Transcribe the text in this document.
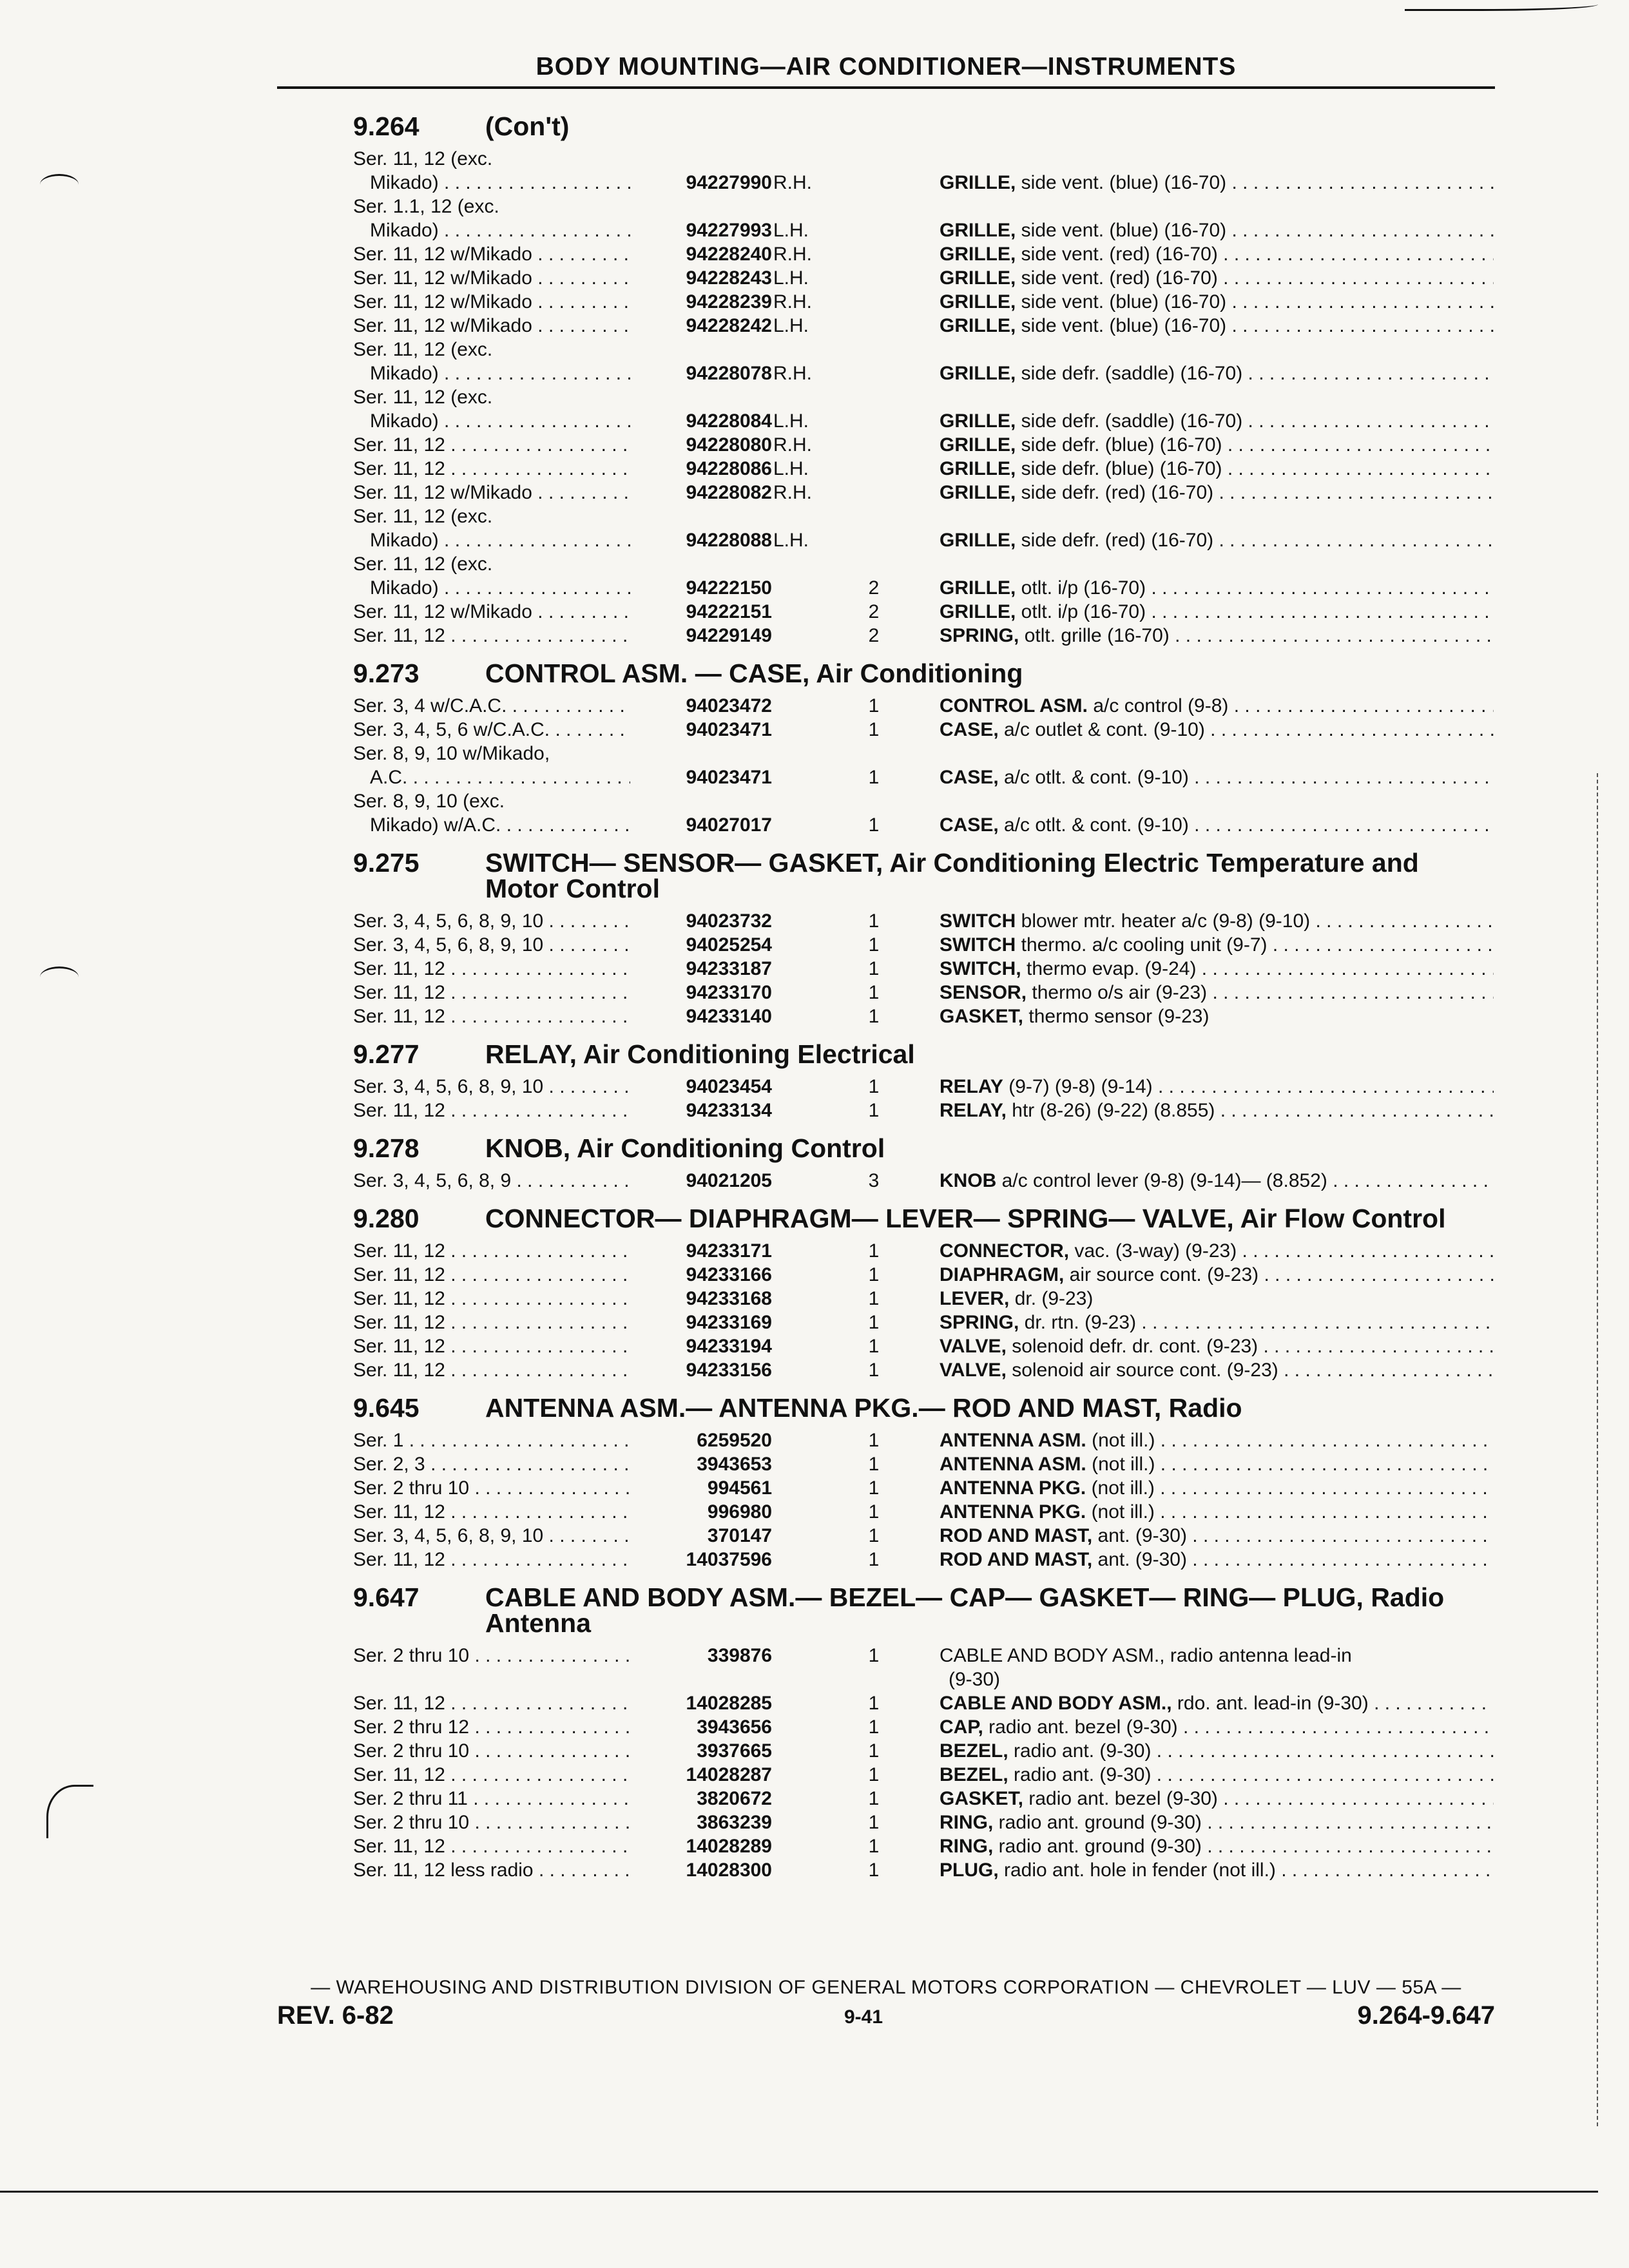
BODY MOUNTING—AIR CONDITIONER—INSTRUMENTS
9.264 (Con't)
Ser. 11, 12 (exc.
Mikado) . . .	94227990 R.H.	GRILLE, side vent. (blue) (16-70) . . .
Ser. 1.1, 12 (exc.
Mikado) . . .	94227993 L.H.	GRILLE, side vent. (blue) (16-70) . . .
Ser. 11, 12 w/Mikado . . .	94228240 R.H.	GRILLE, side vent. (red) (16-70) . . .
Ser. 11, 12 w/Mikado . . .	94228243 L.H.	GRILLE, side vent. (red) (16-70) . . .
Ser. 11, 12 w/Mikado . . .	94228239 R.H.	GRILLE, side vent. (blue) (16-70) . . .
Ser. 11, 12 w/Mikado . . .	94228242 L.H.	GRILLE, side vent. (blue) (16-70) . . .
Ser. 11, 12 (exc.
Mikado) . . .	94228078 R.H.	GRILLE, side defr. (saddle) (16-70) . . .
Ser. 11, 12 (exc.
Mikado) . . .	94228084 L.H.	GRILLE, side defr. (saddle) (16-70) . . .
Ser. 11, 12 . . .	94228080 R.H.	GRILLE, side defr. (blue) (16-70) . . .
Ser. 11, 12 . . .	94228086 L.H.	GRILLE, side defr. (blue) (16-70) . . .
Ser. 11, 12 w/Mikado . . .	94228082 R.H.	GRILLE, side defr. (red) (16-70) . . .
Ser. 11, 12 (exc.
Mikado) . . .	94228088 L.H.	GRILLE, side defr. (red) (16-70) . . .
Ser. 11, 12 (exc.
Mikado) . . .	94222150	2	GRILLE, otlt. i/p (16-70) . . .
Ser. 11, 12 w/Mikado . . .	94222151	2	GRILLE, otlt. i/p (16-70) . . .
Ser. 11, 12 . . .	94229149	2	SPRING, otlt. grille (16-70) . . .
9.273 CONTROL ASM. — CASE, Air Conditioning
Ser. 3, 4 w/C.A.C. . . .	94023472	1	CONTROL ASM. a/c control (9-8) . . .
Ser. 3, 4, 5, 6 w/C.A.C. . . .	94023471	1	CASE, a/c outlet & cont. (9-10) . . .
Ser. 8, 9, 10 w/Mikado,
A.C. . . .	94023471	1	CASE, a/c otlt. & cont. (9-10) . . .
Ser. 8, 9, 10 (exc.
Mikado) w/A.C. . . .	94027017	1	CASE, a/c otlt. & cont. (9-10) . . .
9.275 SWITCH— SENSOR— GASKET, Air Conditioning Electric Temperature and Motor Control
Ser. 3, 4, 5, 6, 8, 9, 10 . . .	94023732	1	SWITCH blower mtr. heater a/c (9-8) (9-10) . . .
Ser. 3, 4, 5, 6, 8, 9, 10 . . .	94025254	1	SWITCH thermo. a/c cooling unit (9-7) . . .
Ser. 11, 12 . . .	94233187	1	SWITCH, thermo evap. (9-24) . . .
Ser. 11, 12 . . .	94233170	1	SENSOR, thermo o/s air (9-23) . . .
Ser. 11, 12 . . .	94233140	1	GASKET, thermo sensor (9-23)
9.277 RELAY, Air Conditioning Electrical
Ser. 3, 4, 5, 6, 8, 9, 10 . . .	94023454	1	RELAY (9-7) (9-8) (9-14) . . .
Ser. 11, 12 . . .	94233134	1	RELAY, htr (8-26) (9-22) (8.855) . . .
9.278 KNOB, Air Conditioning Control
Ser. 3, 4, 5, 6, 8, 9 . . .	94021205	3	KNOB a/c control lever (9-8) (9-14)— (8.852) . . .
9.280 CONNECTOR— DIAPHRAGM— LEVER— SPRING— VALVE, Air Flow Control
Ser. 11, 12 . . .	94233171	1	CONNECTOR, vac. (3-way) (9-23) . . .
Ser. 11, 12 . . .	94233166	1	DIAPHRAGM, air source cont. (9-23) . . .
Ser. 11, 12 . . .	94233168	1	LEVER, dr. (9-23)
Ser. 11, 12 . . .	94233169	1	SPRING, dr. rtn. (9-23) . . .
Ser. 11, 12 . . .	94233194	1	VALVE, solenoid defr. dr. cont. (9-23) . . .
Ser. 11, 12 . . .	94233156	1	VALVE, solenoid air source cont. (9-23) . . .
9.645 ANTENNA ASM.— ANTENNA PKG.— ROD AND MAST, Radio
Ser. 1 . . .	6259520	1	ANTENNA ASM. (not ill.) . . .
Ser. 2, 3 . . .	3943653	1	ANTENNA ASM. (not ill.) . . .
Ser. 2 thru 10 . . .	994561	1	ANTENNA PKG. (not ill.) . . .
Ser. 11, 12 . . .	996980	1	ANTENNA PKG. (not ill.) . . .
Ser. 3, 4, 5, 6, 8, 9, 10 . . .	370147	1	ROD AND MAST, ant. (9-30) . . .
Ser. 11, 12 . . .	14037596	1	ROD AND MAST, ant. (9-30) . . .
9.647 CABLE AND BODY ASM.— BEZEL— CAP— GASKET— RING— PLUG, Radio Antenna
Ser. 2 thru 10 . . .	339876	1	CABLE AND BODY ASM., radio antenna lead-in
(9-30)
Ser. 11, 12 . . .	14028285	1	CABLE AND BODY ASM., rdo. ant. lead-in (9-30) . . . .
Ser. 2 thru 12 . . .	3943656	1	CAP, radio ant. bezel (9-30) . . .
Ser. 2 thru 10 . . .	3937665	1	BEZEL, radio ant. (9-30) . . .
Ser. 11, 12 . . .	14028287	1	BEZEL, radio ant. (9-30) . . .
Ser. 2 thru 11 . . .	3820672	1	GASKET, radio ant. bezel (9-30) . . .
Ser. 2 thru 10 . . .	3863239	1	RING, radio ant. ground (9-30) . . .
Ser. 11, 12 . . .	14028289	1	RING, radio ant. ground (9-30) . . .
Ser. 11, 12 less radio . . .	14028300	1	PLUG, radio ant. hole in fender (not ill.) . . .
— WAREHOUSING AND DISTRIBUTION DIVISION OF GENERAL MOTORS CORPORATION — CHEVROLET — LUV — 55A —
REV. 6-82	9-41	9.264-9.647
